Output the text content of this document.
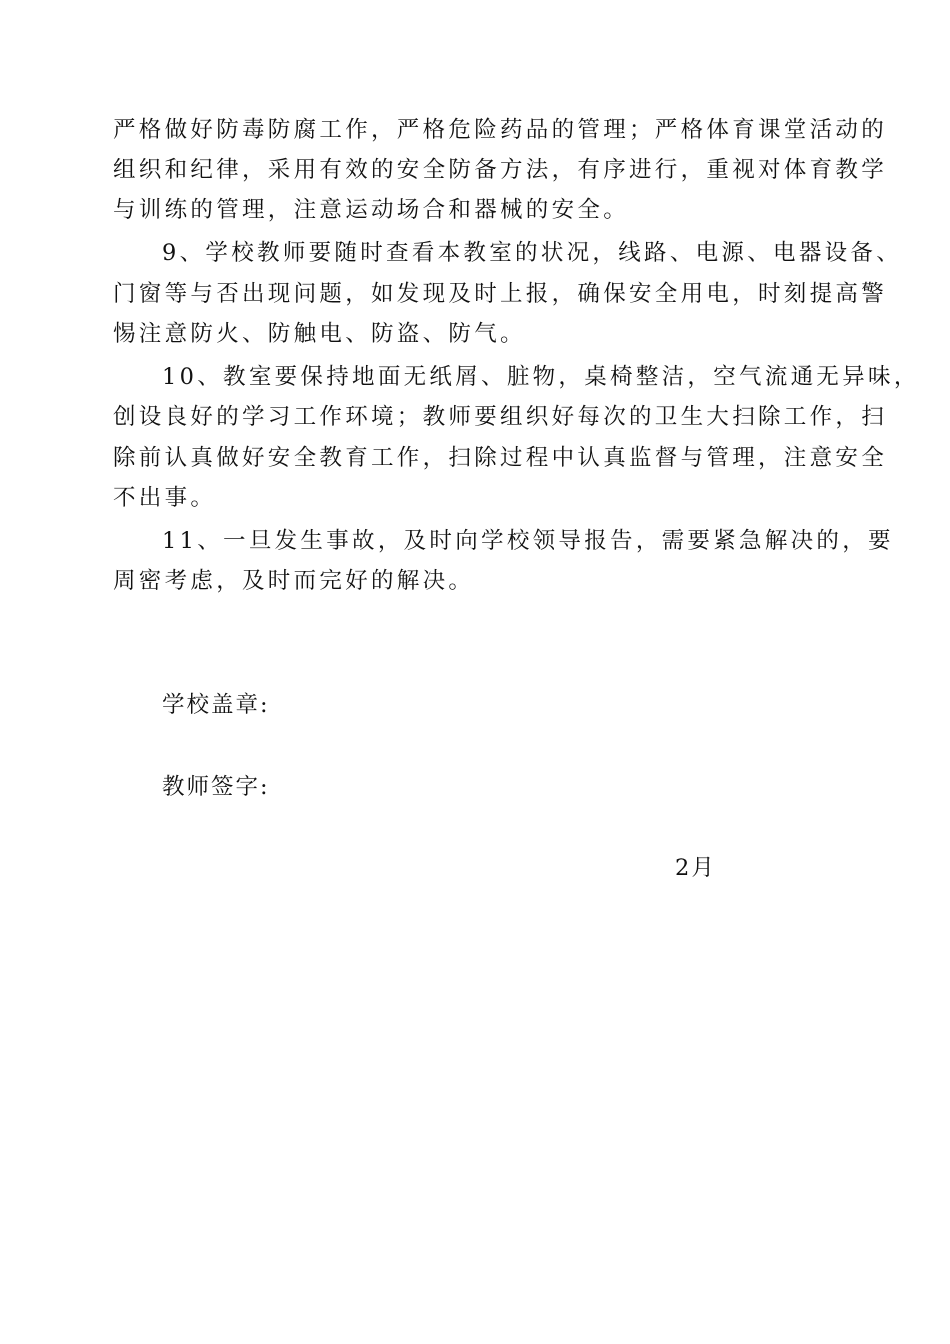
严格做好防毒防腐工作，严格危险药品的管理；严格体育课堂活动的
组织和纪律，采用有效的安全防备方法，有序进行，重视对体育教学
与训练的管理，注意运动场合和器械的安全。
9、学校教师要随时查看本教室的状况，线路、电源、电器设备、
门窗等与否出现问题，如发现及时上报，确保安全用电，时刻提高警
惕注意防火、防触电、防盗、防气。
10、教室要保持地面无纸屑、脏物，桌椅整洁，空气流通无异味，
创设良好的学习工作环境；教师要组织好每次的卫生大扫除工作，扫
除前认真做好安全教育工作，扫除过程中认真监督与管理，注意安全
不出事。
11、一旦发生事故，及时向学校领导报告，需要紧急解决的，要
周密考虑，及时而完好的解决。
学校盖章:
教师签字:
2月
